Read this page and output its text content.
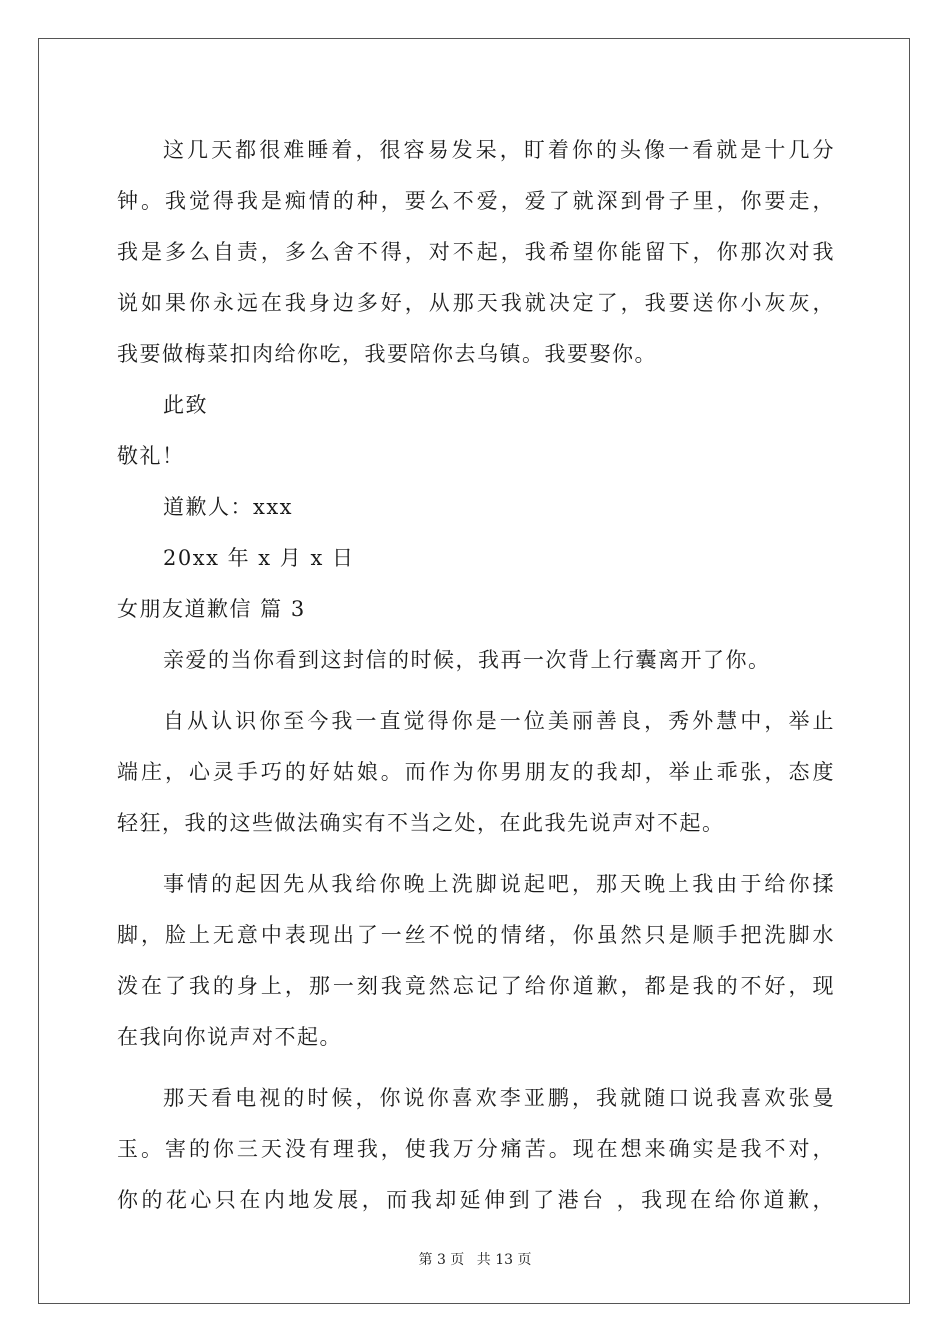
这几天都很难睡着，很容易发呆，盯着你的头像一看就是十几分
钟。我觉得我是痴情的种，要么不爱，爱了就深到骨子里，你要走，
我是多么自责，多么舍不得，对不起，我希望你能留下，你那次对我
说如果你永远在我身边多好，从那天我就决定了，我要送你小灰灰，
我要做梅菜扣肉给你吃，我要陪你去乌镇。我要娶你。
此致
敬礼！
道歉人：xxx
20xx 年 x 月 x 日
女朋友道歉信 篇 3
亲爱的当你看到这封信的时候，我再一次背上行囊离开了你。
自从认识你至今我一直觉得你是一位美丽善良，秀外慧中，举止
端庄，心灵手巧的好姑娘。而作为你男朋友的我却，举止乖张，态度
轻狂，我的这些做法确实有不当之处，在此我先说声对不起。
事情的起因先从我给你晚上洗脚说起吧，那天晚上我由于给你揉
脚，脸上无意中表现出了一丝不悦的情绪，你虽然只是顺手把洗脚水
泼在了我的身上，那一刻我竟然忘记了给你道歉，都是我的不好，现
在我向你说声对不起。
那天看电视的时候，你说你喜欢李亚鹏，我就随口说我喜欢张曼
玉。害的你三天没有理我，使我万分痛苦。现在想来确实是我不对，
你的花心只在内地发展，而我却延伸到了港台 ，我现在给你道歉，
第 3 页 共 13 页
